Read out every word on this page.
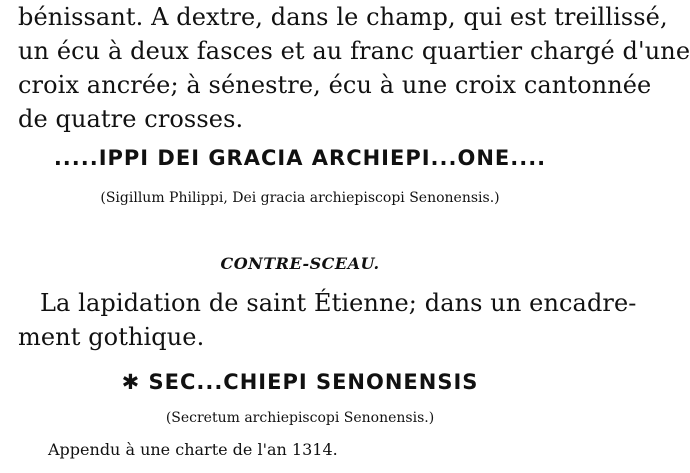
bénissant. A dextre, dans le champ, qui est treillissé,
un écu à deux fasces et au franc quartier chargé d'une
croix ancrée; à sénestre, écu à une croix cantonnée
de quatre crosses.
.....IPPI DEI GRACIA ARCHIEPI...ONE....
(Sigillum Philippi, Dei gracia archiepiscopi Senonensis.)
CONTRE-SCEAU.
La lapidation de saint Étienne; dans un encadre-
ment gothique.
✱ SEC...CHIEPI SENONENSIS
(Secretum archiepiscopi Senonensis.)
Appendu à une charte de l'an 1314.
